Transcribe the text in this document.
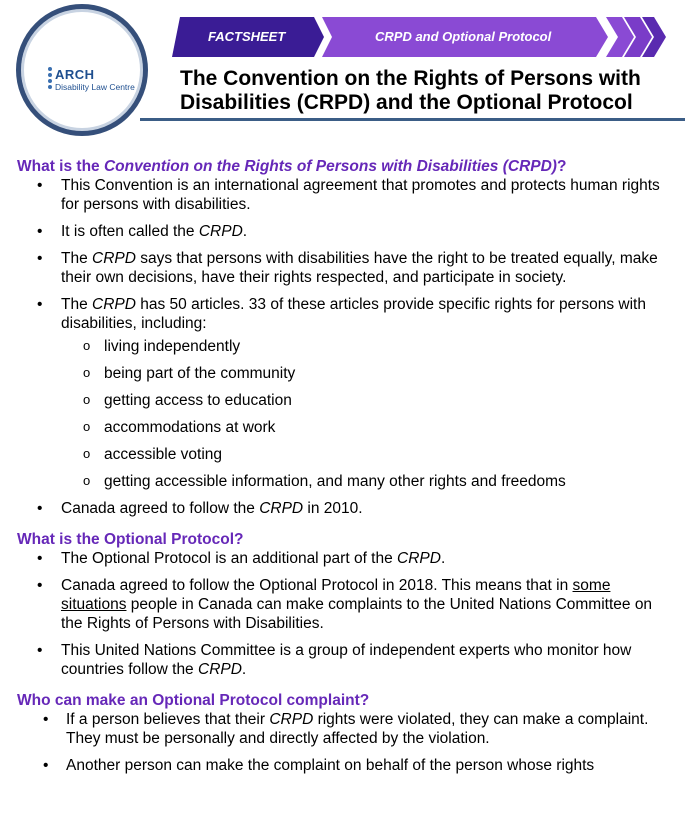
FACTSHEET	CRPD and Optional Protocol
The Convention on the Rights of Persons with
Disabilities (CRPD) and the Optional Protocol
ARCH
Disability Law Centre
What is the Convention on the Rights of Persons with Disabilities (CRPD)?
• This Convention is an international agreement that promotes and protects human rights for persons with disabilities.
• It is often called the CRPD.
• The CRPD says that persons with disabilities have the right to be treated equally, make their own decisions, have their rights respected, and participate in society.
• The CRPD has 50 articles. 33 of these articles provide specific rights for persons with disabilities, including:
o living independently
o being part of the community
o getting access to education
o accommodations at work
o accessible voting
o getting accessible information, and many other rights and freedoms
• Canada agreed to follow the CRPD in 2010.
What is the Optional Protocol?
• The Optional Protocol is an additional part of the CRPD.
• Canada agreed to follow the Optional Protocol in 2018. This means that in some situations people in Canada can make complaints to the United Nations Committee on the Rights of Persons with Disabilities.
• This United Nations Committee is a group of independent experts who monitor how countries follow the CRPD.
Who can make an Optional Protocol complaint?
• If a person believes that their CRPD rights were violated, they can make a complaint. They must be personally and directly affected by the violation.
• Another person can make the complaint on behalf of the person whose rights
